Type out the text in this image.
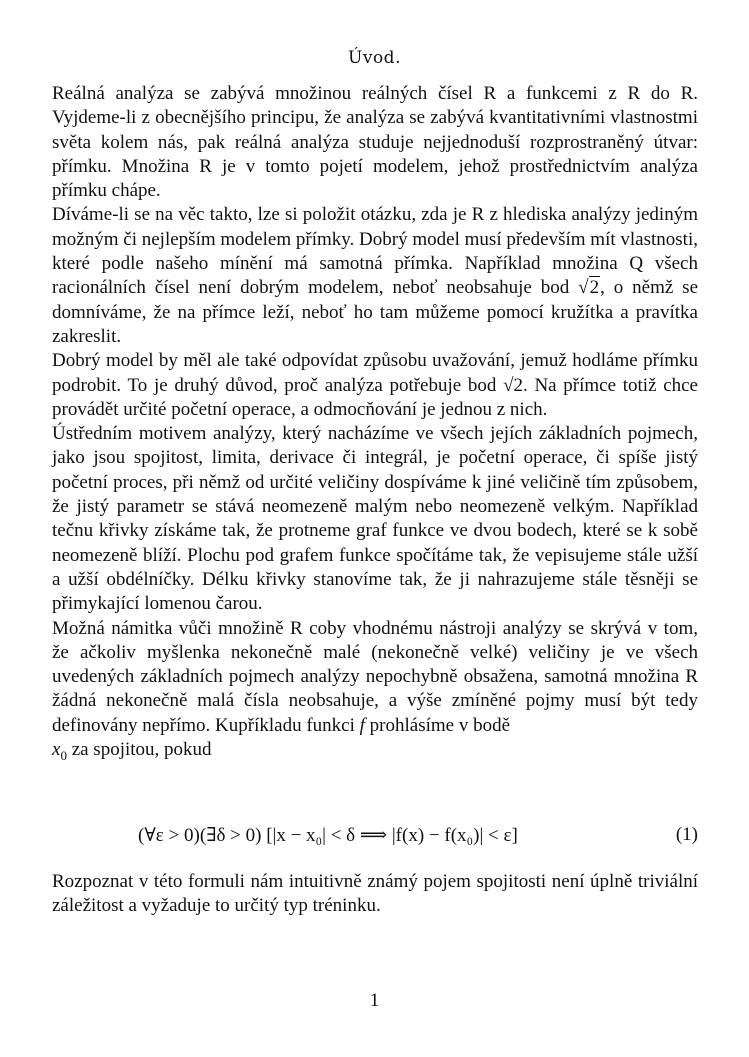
Úvod.

Reálná analýza se zabývá množinou reálných čísel R a funkcemi z R do R. Vyjdeme-li z obecnějšího principu, že analýza se zabývá kvantitativními vlastnostmi světa kolem nás, pak reálná analýza studuje nejjednoduší rozprostraněný útvar: přímku. Množina R je v tomto pojetí modelem, jehož prostřednictvím analýza přímku chápe.

Díváme-li se na věc takto, lze si položit otázku, zda je R z hlediska analýzy jediným možným či nejlepším modelem přímky. Dobrý model musí především mít vlastnosti, které podle našeho mínění má samotná přímka. Například množina Q všech racionálních čísel není dobrým modelem, neboť neobsahuje bod √2, o němž se domníváme, že na přímce leží, neboť ho tam můžeme pomocí kružítka a pravítka zakreslit.

Dobrý model by měl ale také odpovídat způsobu uvažování, jemuž hodláme přímku podrobit. To je druhý důvod, proč analýza potřebuje bod √2. Na přímce totiž chce provádět určité početní operace, a odmocňování je jednou z nich.

Ústředním motivem analýzy, který nacházíme ve všech jejích základních pojmech, jako jsou spojitost, limita, derivace či integrál, je početní operace, či spíše jistý početní proces, při němž od určité veličiny dospíváme k jiné veličině tím způsobem, že jistý parametr se stává neomezeně malým nebo neomezeně velkým. Například tečnu křivky získáme tak, že protneme graf funkce ve dvou bodech, které se k sobě neomezeně blíží. Plochu pod grafem funkce spočítáme tak, že vepisujeme stále užší a užší obdélníčky. Délku křivky stanovíme tak, že ji nahrazujeme stále těsněji se přimykající lomenou čarou.

Možná námitka vůči množině R coby vhodnému nástroji analýzy se skrývá v tom, že ačkoliv myšlenka nekonečně malé (nekonečně velké) veličiny je ve všech uvedených základních pojmech analýzy nepochybně obsažena, samotná množina R žádná nekonečně malá čísla neobsahuje, a výše zmíněné pojmy musí být tedy definovány nepřímo. Kupříkladu funkci f prohlásíme v bodě
$x_0$ za spojitou, pokud

(∀ε > 0)(∃δ > 0) [|x − x₀| < δ ⟹ |f(x) − f(x₀)| < ε]	(1)

Rozpoznat v této formuli nám intuitivně známý pojem spojitosti není úplně triviální záležitost a vyžaduje to určitý typ tréninku.

1
